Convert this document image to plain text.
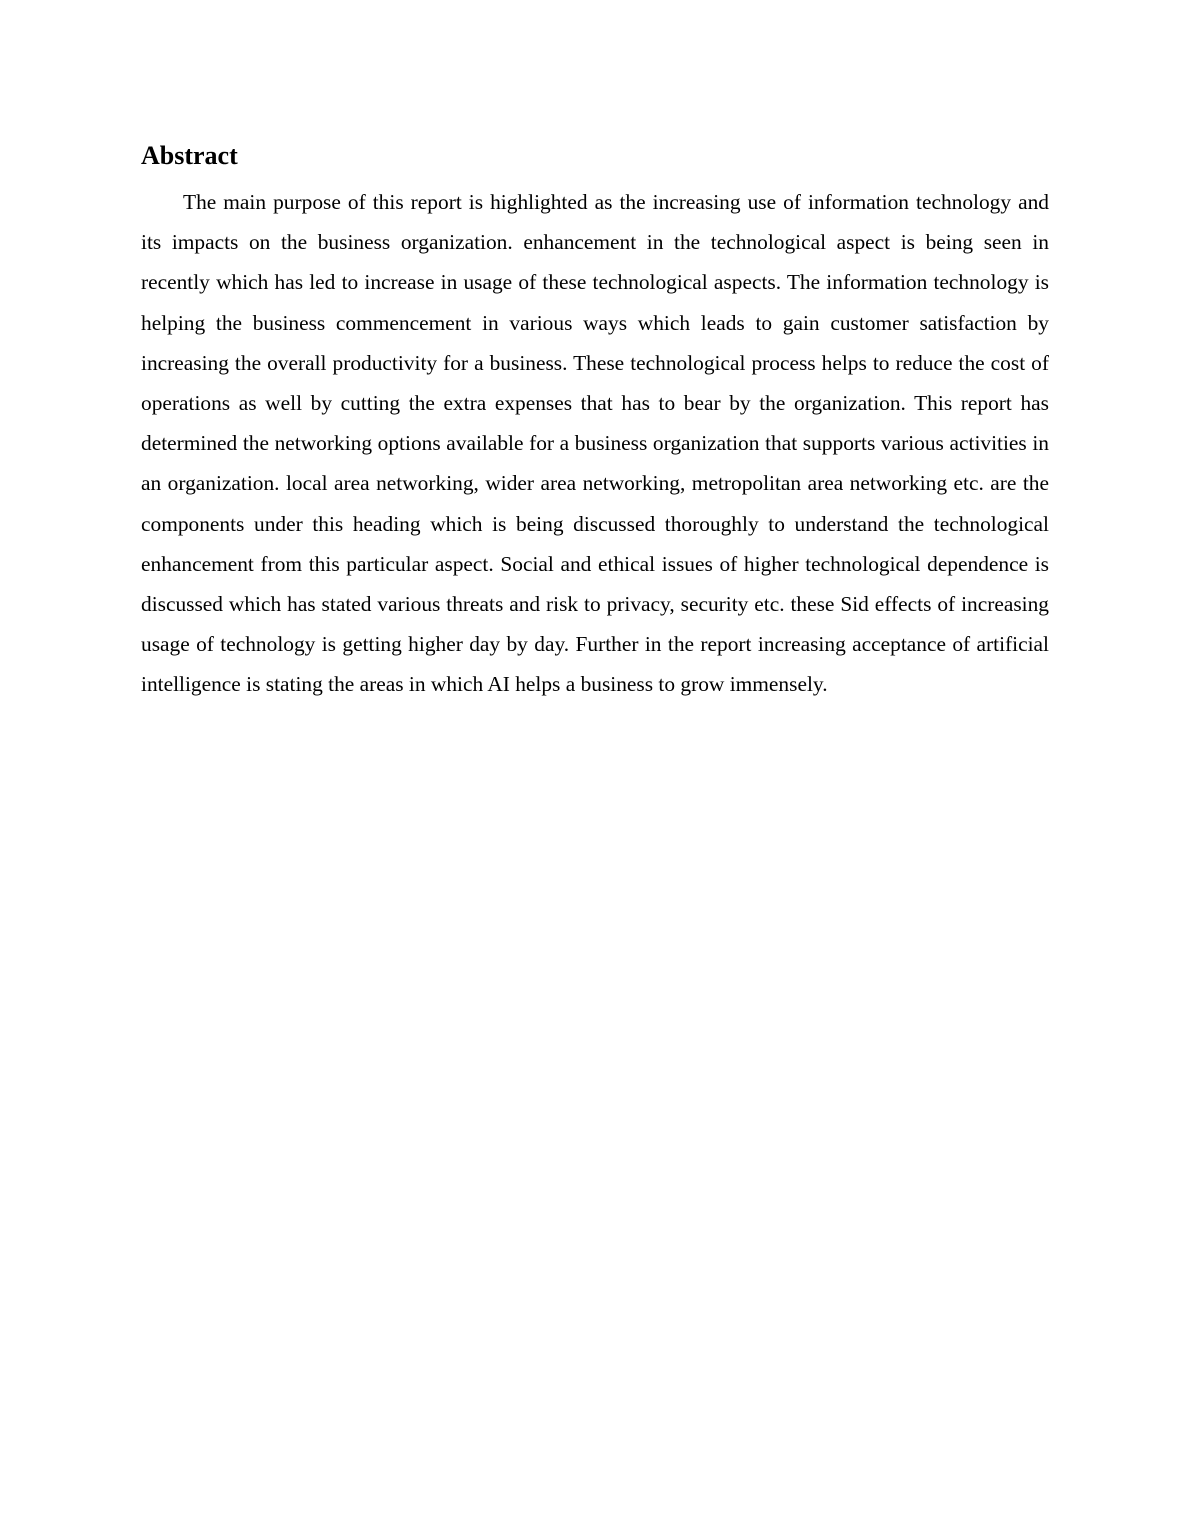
Abstract

The main purpose of this report is highlighted as the increasing use of information technology and its impacts on the business organization. enhancement in the technological aspect is being seen in recently which has led to increase in usage of these technological aspects. The information technology is helping the business commencement in various ways which leads to gain customer satisfaction by increasing the overall productivity for a business. These technological process helps to reduce the cost of operations as well by cutting the extra expenses that has to bear by the organization. This report has determined the networking options available for a business organization that supports various activities in an organization. local area networking, wider area networking, metropolitan area networking etc. are the components under this heading which is being discussed thoroughly to understand the technological enhancement from this particular aspect. Social and ethical issues of higher technological dependence is discussed which has stated various threats and risk to privacy, security etc. these Sid effects of increasing usage of technology is getting higher day by day. Further in the report increasing acceptance of artificial intelligence is stating the areas in which AI helps a business to grow immensely.
